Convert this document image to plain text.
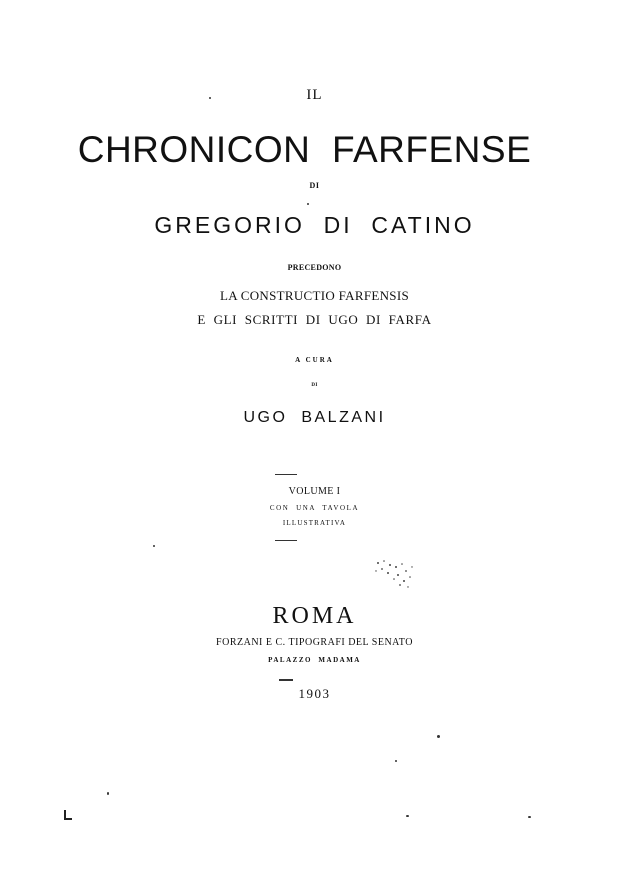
IL
CHRONICON  FARFENSE
DI
GREGORIO  DI  CATINO
PRECEDONO
LA CONSTRUCTIO FARFENSIS
E  GLI  SCRITTI  DI  UGO  DI  FARFA
A CURA
DI
UGO  BALZANI
VOLUME I
CON  UNA  TAVOLA
ILLUSTRATIVA
ROMA
FORZANI E C. TIPOGRAFI DEL SENATO
PALAZZO  MADAMA
1903
